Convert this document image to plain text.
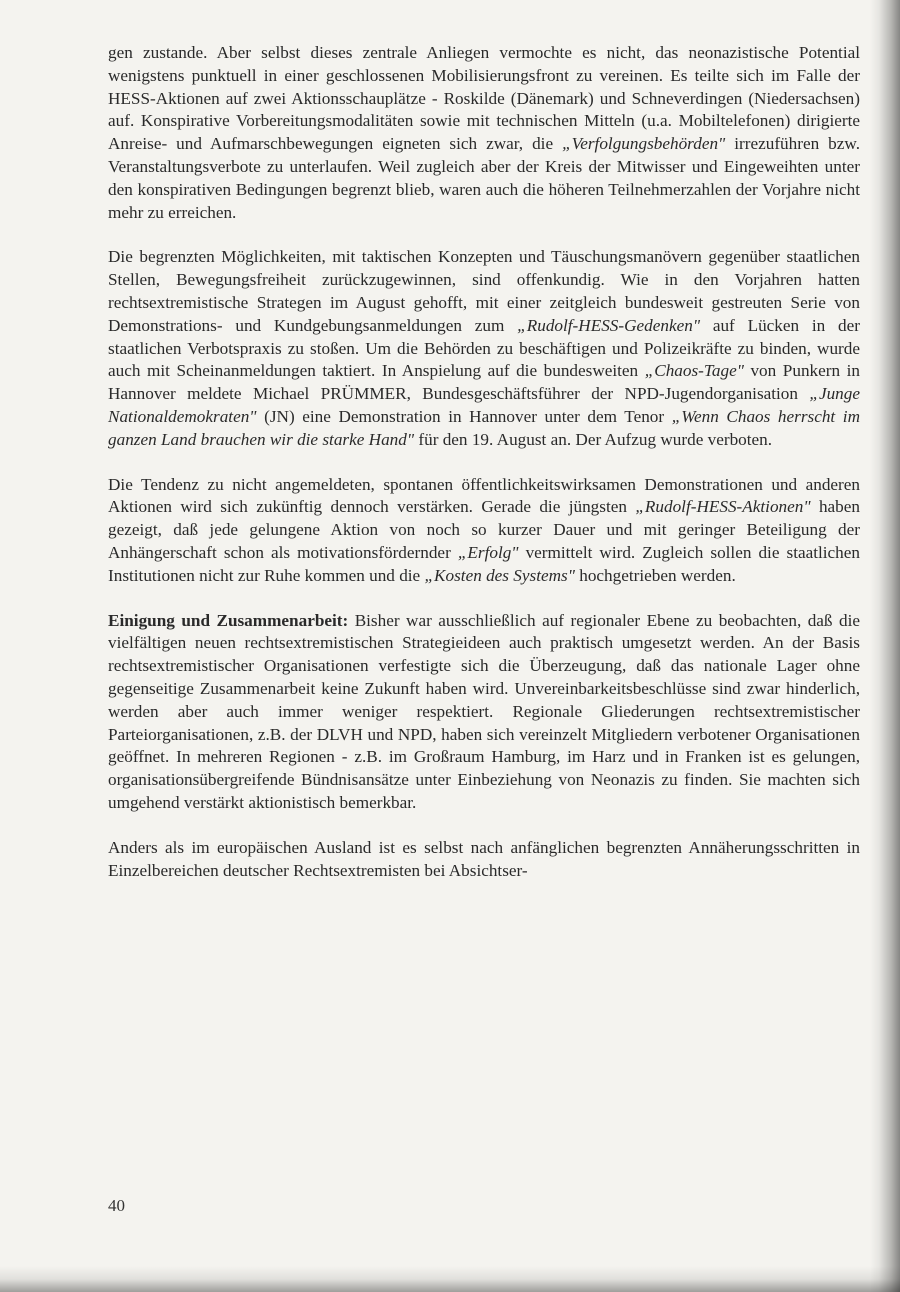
gen zustande. Aber selbst dieses zentrale Anliegen vermochte es nicht, das neonazistische Potential wenigstens punktuell in einer geschlossenen Mobilisierungsfront zu vereinen. Es teilte sich im Falle der HESS-Aktionen auf zwei Aktionsschauplätze - Roskilde (Dänemark) und Schneverdingen (Niedersachsen) auf. Konspirative Vorbereitungsmodalitäten sowie mit technischen Mitteln (u.a. Mobiltelefonen) dirigierte Anreise- und Aufmarschbewegungen eigneten sich zwar, die „Verfolgungsbehörden" irrezuführen bzw. Veranstaltungsverbote zu unterlaufen. Weil zugleich aber der Kreis der Mitwisser und Eingeweihten unter den konspirativen Bedingungen begrenzt blieb, waren auch die höheren Teilnehmerzahlen der Vorjahre nicht mehr zu erreichen.

Die begrenzten Möglichkeiten, mit taktischen Konzepten und Täuschungsmanövern gegenüber staatlichen Stellen, Bewegungsfreiheit zurückzugewinnen, sind offenkundig. Wie in den Vorjahren hatten rechtsextremistische Strategen im August gehofft, mit einer zeitgleich bundesweit gestreuten Serie von Demonstrations- und Kundgebungsanmeldungen zum „Rudolf-HESS-Gedenken" auf Lücken in der staatlichen Verbotspraxis zu stoßen. Um die Behörden zu beschäftigen und Polizeikräfte zu binden, wurde auch mit Scheinanmeldungen taktiert. In Anspielung auf die bundesweiten „Chaos-Tage" von Punkern in Hannover meldete Michael PRÜMMER, Bundesgeschäftsführer der NPD-Jugendorganisation „Junge Nationaldemokraten" (JN) eine Demonstration in Hannover unter dem Tenor „Wenn Chaos herrscht im ganzen Land brauchen wir die starke Hand" für den 19. August an. Der Aufzug wurde verboten.

Die Tendenz zu nicht angemeldeten, spontanen öffentlichkeitswirksamen Demonstrationen und anderen Aktionen wird sich zukünftig dennoch verstärken. Gerade die jüngsten „Rudolf-HESS-Aktionen" haben gezeigt, daß jede gelungene Aktion von noch so kurzer Dauer und mit geringer Beteiligung der Anhängerschaft schon als motivationsfördernder „Erfolg" vermittelt wird. Zugleich sollen die staatlichen Institutionen nicht zur Ruhe kommen und die „Kosten des Systems" hochgetrieben werden.

Einigung und Zusammenarbeit: Bisher war ausschließlich auf regionaler Ebene zu beobachten, daß die vielfältigen neuen rechtsextremistischen Strategieideen auch praktisch umgesetzt werden. An der Basis rechtsextremistischer Organisationen verfestigte sich die Überzeugung, daß das nationale Lager ohne gegenseitige Zusammenarbeit keine Zukunft haben wird. Unvereinbarkeitsbeschlüsse sind zwar hinderlich, werden aber auch immer weniger respektiert. Regionale Gliederungen rechtsextremistischer Parteiorganisationen, z.B. der DLVH und NPD, haben sich vereinzelt Mitgliedern verbotener Organisationen geöffnet. In mehreren Regionen - z.B. im Großraum Hamburg, im Harz und in Franken ist es gelungen, organisationsübergreifende Bündnisansätze unter Einbeziehung von Neonazis zu finden. Sie machten sich umgehend verstärkt aktionistisch bemerkbar.

Anders als im europäischen Ausland ist es selbst nach anfänglichen begrenzten Annäherungsschritten in Einzelbereichen deutscher Rechtsextremisten bei Absichtser-

40
